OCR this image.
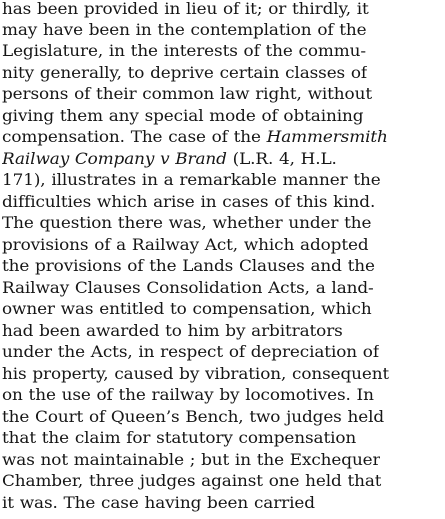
has been provided in lieu of it; or thirdly, it
may have been in the contemplation of the
Legislature, in the interests of the commu-
nity generally, to deprive certain classes of
persons of their common law right, without
giving them any special mode of obtaining
compensation. The case of the Hammersmith
Railway Company v Brand (L.R. 4, H.L.
171), illustrates in a remarkable manner the
difficulties which arise in cases of this kind.
The question there was, whether under the
provisions of a Railway Act, which adopted
the provisions of the Lands Clauses and the
Railway Clauses Consolidation Acts, a land-
owner was entitled to compensation, which
had been awarded to him by arbitrators
under the Acts, in respect of depreciation of
his property, caused by vibration, consequent
on the use of the railway by locomotives. In
the Court of Queen’s Bench, two judges held
that the claim for statutory compensation
was not maintainable ; but in the Exchequer
Chamber, three judges against one held that
it was. The case having been carried
